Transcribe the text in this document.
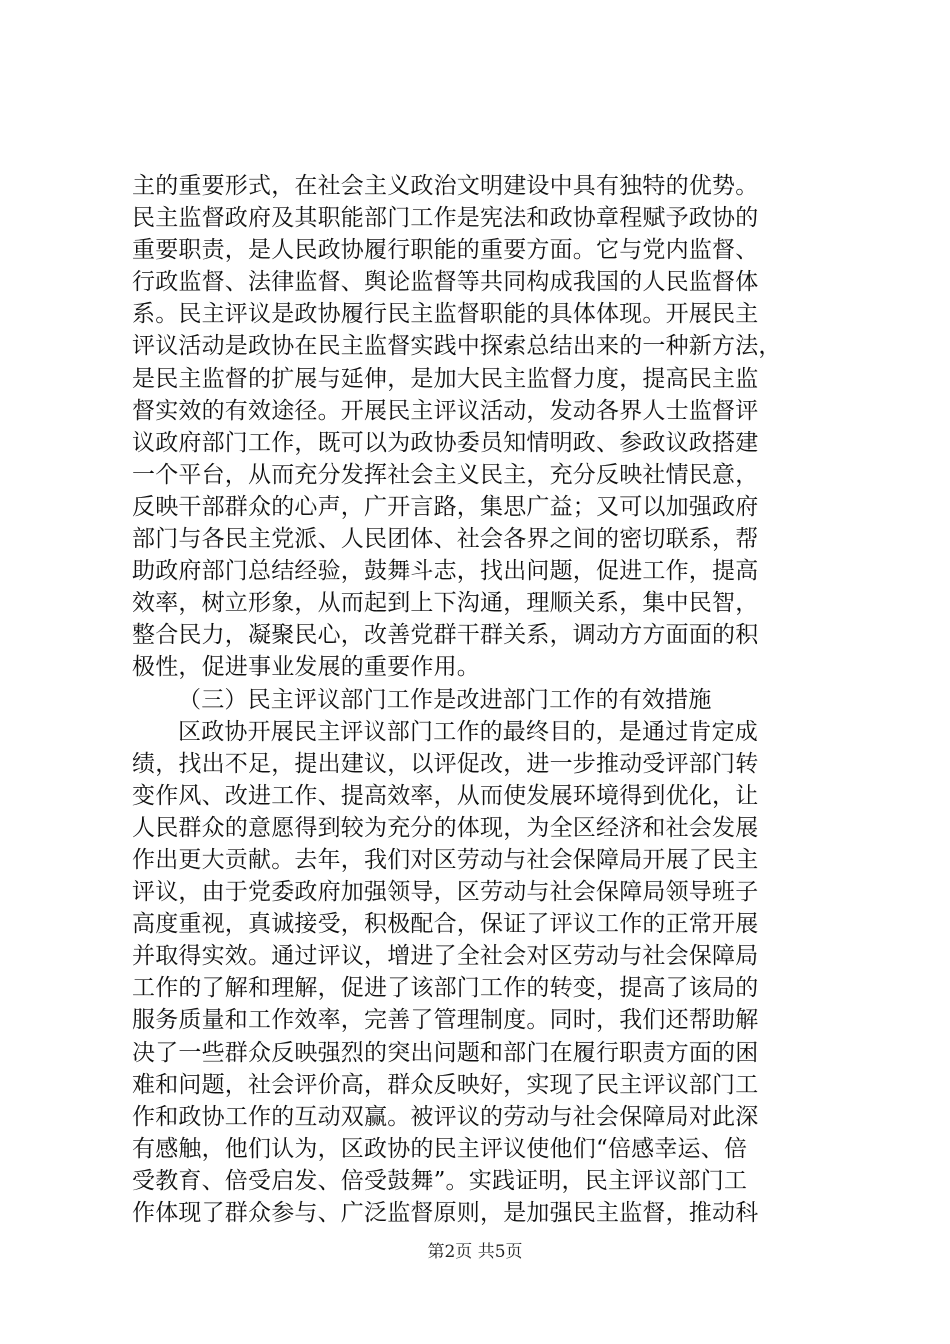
主的重要形式，在社会主义政治文明建设中具有独特的优势。
民主监督政府及其职能部门工作是宪法和政协章程赋予政协的
重要职责，是人民政协履行职能的重要方面。它与党内监督、
行政监督、法律监督、舆论监督等共同构成我国的人民监督体
系。民主评议是政协履行民主监督职能的具体体现。开展民主
评议活动是政协在民主监督实践中探索总结出来的一种新方法，
是民主监督的扩展与延伸，是加大民主监督力度，提高民主监
督实效的有效途径。开展民主评议活动，发动各界人士监督评
议政府部门工作，既可以为政协委员知情明政、参政议政搭建
一个平台，从而充分发挥社会主义民主，充分反映社情民意，
反映干部群众的心声，广开言路，集思广益；又可以加强政府
部门与各民主党派、人民团体、社会各界之间的密切联系，帮
助政府部门总结经验，鼓舞斗志，找出问题，促进工作，提高
效率，树立形象，从而起到上下沟通，理顺关系，集中民智，
整合民力，凝聚民心，改善党群干群关系，调动方方面面的积
极性，促进事业发展的重要作用。
（三）民主评议部门工作是改进部门工作的有效措施
区政协开展民主评议部门工作的最终目的，是通过肯定成
绩，找出不足，提出建议，以评促改，进一步推动受评部门转
变作风、改进工作、提高效率，从而使发展环境得到优化，让
人民群众的意愿得到较为充分的体现，为全区经济和社会发展
作出更大贡献。去年，我们对区劳动与社会保障局开展了民主
评议，由于党委政府加强领导，区劳动与社会保障局领导班子
高度重视，真诚接受，积极配合，保证了评议工作的正常开展
并取得实效。通过评议，增进了全社会对区劳动与社会保障局
工作的了解和理解，促进了该部门工作的转变，提高了该局的
服务质量和工作效率，完善了管理制度。同时，我们还帮助解
决了一些群众反映强烈的突出问题和部门在履行职责方面的困
难和问题，社会评价高，群众反映好，实现了民主评议部门工
作和政协工作的互动双赢。被评议的劳动与社会保障局对此深
有感触，他们认为，区政协的民主评议使他们“倍感幸运、倍
受教育、倍受启发、倍受鼓舞”。实践证明，民主评议部门工
作体现了群众参与、广泛监督原则，是加强民主监督，推动科
第2页 共5页
